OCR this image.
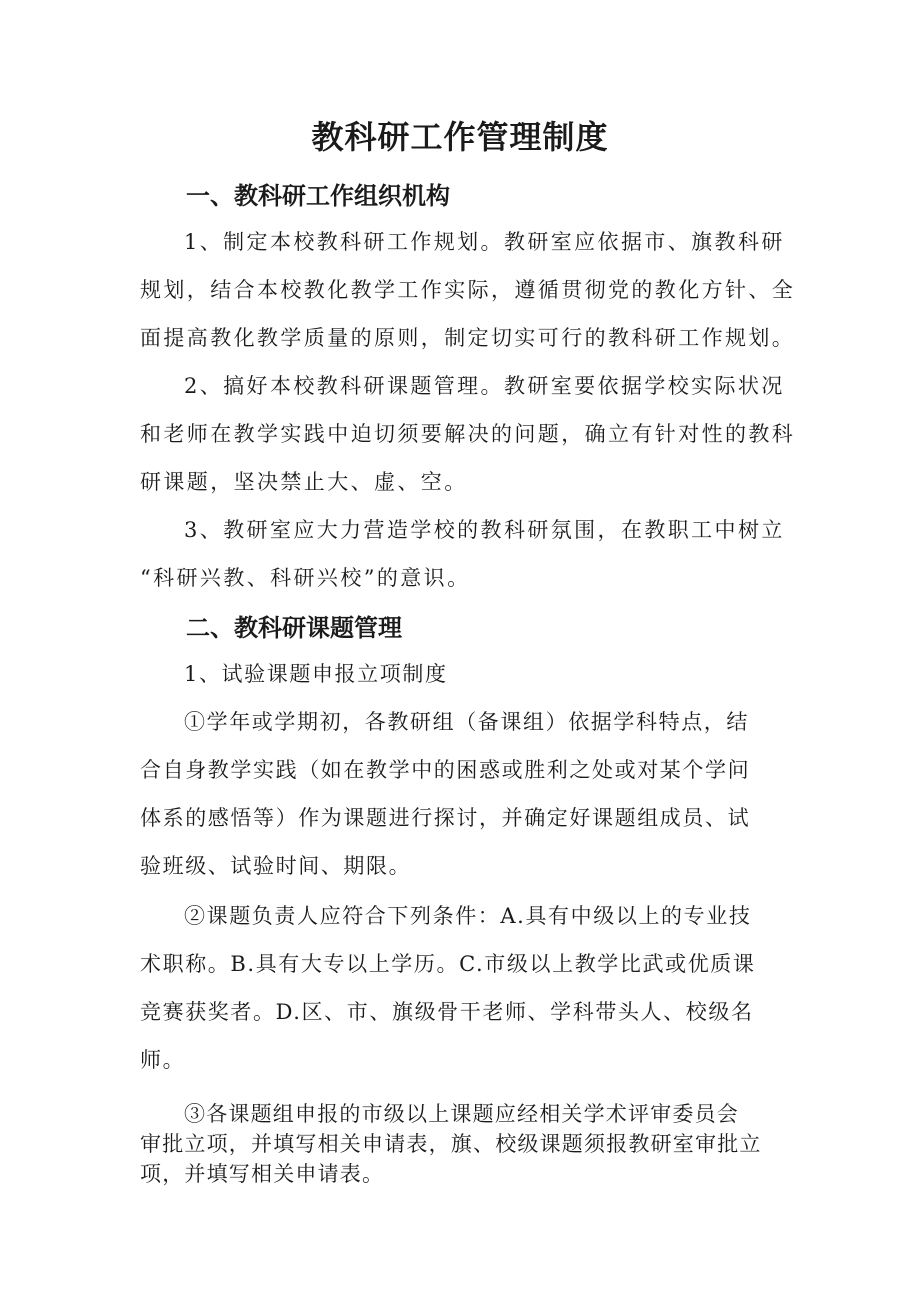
教科研工作管理制度
一、教科研工作组织机构

1、制定本校教科研工作规划。教研室应依据市、旗教科研

规划，结合本校教化教学工作实际，遵循贯彻党的教化方针、全

面提高教化教学质量的原则，制定切实可行的教科研工作规划。

2、搞好本校教科研课题管理。教研室要依据学校实际状况

和老师在教学实践中迫切须要解决的问题，确立有针对性的教科

研课题，坚决禁止大、虚、空。

3、教研室应大力营造学校的教科研氛围，在教职工中树立

“科研兴教、科研兴校”的意识。

二、教科研课题管理

1、试验课题申报立项制度

①学年或学期初，各教研组（备课组）依据学科特点，结

合自身教学实践（如在教学中的困惑或胜利之处或对某个学问

体系的感悟等）作为课题进行探讨，并确定好课题组成员、试

验班级、试验时间、期限。

②课题负责人应符合下列条件：A.具有中级以上的专业技

术职称。B.具有大专以上学历。C.市级以上教学比武或优质课

竞赛获奖者。D.区、市、旗级骨干老师、学科带头人、校级名

师。

③各课题组申报的市级以上课题应经相关学术评审委员会

审批立项，并填写相关申请表，旗、校级课题须报教研室审批立

项，并填写相关申请表。
